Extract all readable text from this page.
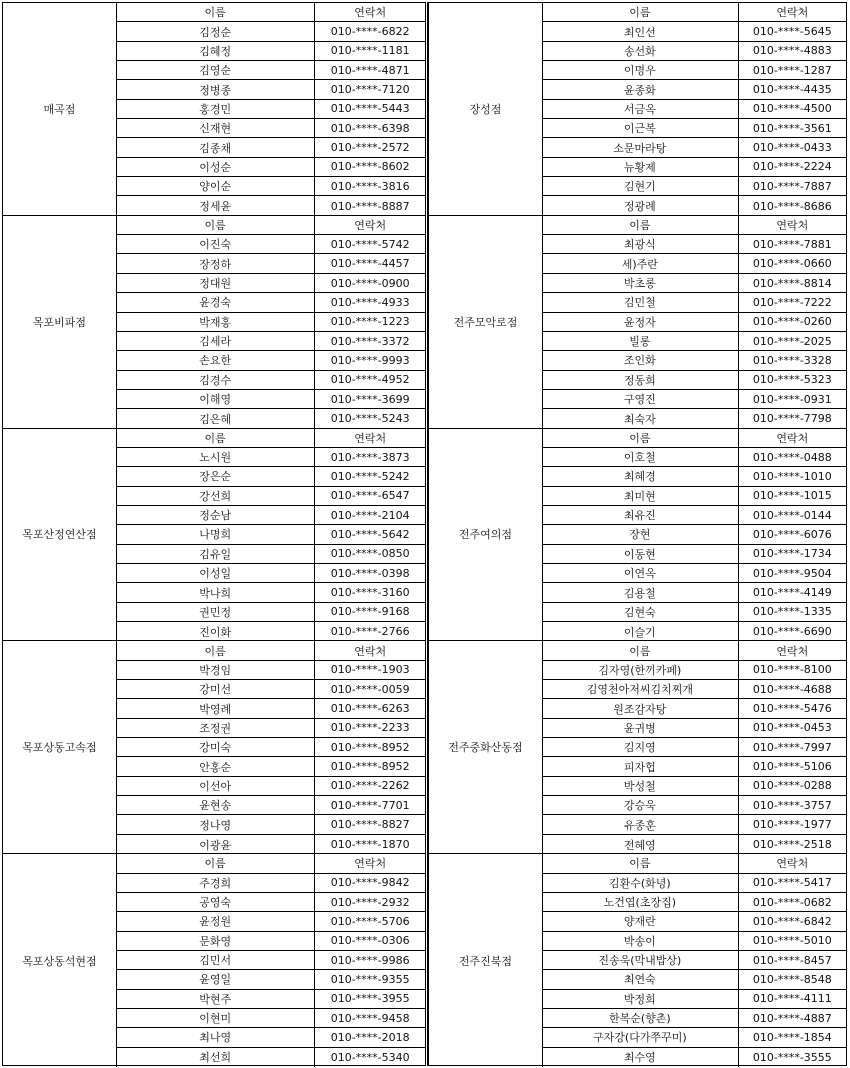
매곡점
이름	연락처
김정순	010-****-6822
김혜정	010-****-1181
김영순	010-****-4871
정병종	010-****-7120
홍경민	010-****-5443
신재현	010-****-6398
김종채	010-****-2572
이성순	010-****-8602
양이순	010-****-3816
정세윤	010-****-8887
목포비파점
이름	연락처
이진숙	010-****-5742
장정하	010-****-4457
정대원	010-****-0900
윤경숙	010-****-4933
박재홍	010-****-1223
김세라	010-****-3372
손요한	010-****-9993
김경수	010-****-4952
이해영	010-****-3699
김은혜	010-****-5243
목포산정연산점
이름	연락처
노시원	010-****-3873
장은순	010-****-5242
강선희	010-****-6547
정순남	010-****-2104
나명희	010-****-5642
김유일	010-****-0850
이성일	010-****-0398
박나희	010-****-3160
권민정	010-****-9168
진이화	010-****-2766
목포상동고속점
이름	연락처
박경임	010-****-1903
강미선	010-****-0059
박영례	010-****-6263
조정권	010-****-2233
강미숙	010-****-8952
안홍순	010-****-8952
이선아	010-****-2262
윤현송	010-****-7701
정나영	010-****-8827
이광윤	010-****-1870
목포상동석현점
이름	연락처
주경희	010-****-9842
공영숙	010-****-2932
윤정원	010-****-5706
문화영	010-****-0306
김민서	010-****-9986
윤영일	010-****-9355
박현주	010-****-3955
이현미	010-****-9458
최나영	010-****-2018
최선희	010-****-5340
장성점
이름	연락처
최인선	010-****-5645
송선화	010-****-4883
이명우	010-****-1287
윤종화	010-****-4435
서금옥	010-****-4500
이근복	010-****-3561
소문마라탕	010-****-0433
뉴황제	010-****-2224
김현기	010-****-7887
정광례	010-****-8686
전주모악로점
이름	연락처
최광식	010-****-7881
세)주란	010-****-0660
박초롱	010-****-8814
김민철	010-****-7222
윤정자	010-****-0260
빌롱	010-****-2025
조인화	010-****-3328
정동희	010-****-5323
구영진	010-****-0931
최숙자	010-****-7798
전주여의점
이름	연락처
이호철	010-****-0488
최혜경	010-****-1010
최미현	010-****-1015
최유진	010-****-0144
장현	010-****-6076
이동현	010-****-1734
이연옥	010-****-9504
김용철	010-****-4149
김현숙	010-****-1335
이슬기	010-****-6690
전주중화산동점
이름	연락처
김자영(한끼카페)	010-****-8100
김영천아저씨김치찌개	010-****-4688
원조감자탕	010-****-5476
윤귀병	010-****-0453
김지영	010-****-7997
피자헙	010-****-5106
박성철	010-****-0288
강승욱	010-****-3757
유종훈	010-****-1977
전혜영	010-****-2518
전주진북점
이름	연락처
김환수(화녕)	010-****-5417
노건엽(초장집)	010-****-0682
양재란	010-****-6842
박송이	010-****-5010
진송욱(막내밥상)	010-****-8457
최연숙	010-****-8548
박정희	010-****-4111
한복순(향촌)	010-****-4887
구자강(다가쭈꾸미)	010-****-1854
최수영	010-****-3555
